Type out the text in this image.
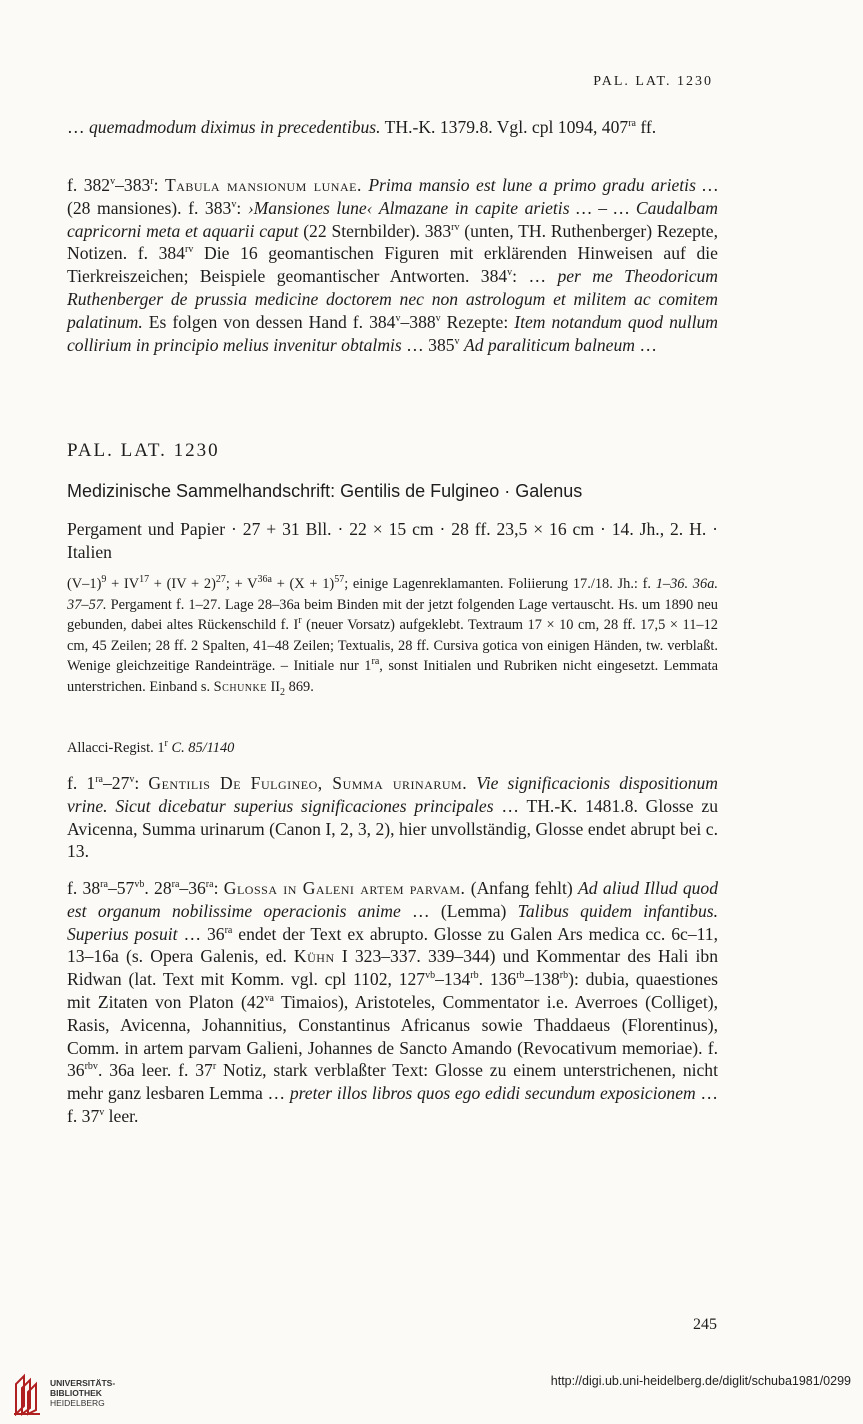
PAL. LAT. 1230
… quemadmodum diximus in precedentibus. TH.-K. 1379.8. Vgl. cpl 1094, $407^{ra}$ ff.
f. 382$^v$–383$^r$: Tabula mansionum lunae. Prima mansio est lune a primo gradu arietis … (28 mansiones). f. 383$^v$: ›Mansiones lune‹ Almazane in capite arietis … – … Caudalbam capricorni meta et aquarii caput (22 Sternbilder). $383^{rv}$ (unten, TH. Ruthenberger) Rezepte, Notizen. f. $384^{rv}$ Die 16 geomantischen Figuren mit erklärenden Hinweisen auf die Tierkreiszeichen; Beispiele geomantischer Antworten. 384$^v$: … per me Theodoricum Ruthenberger de prussia medicine doctorem nec non astrologum et militem ac comitem palatinum. Es folgen von dessen Hand f. 384$^v$–388$^v$ Rezepte: Item notandum quod nullum collirium in principio melius invenitur obtalmis … 385$^v$ Ad paraliticum balneum …
PAL. LAT. 1230
Medizinische Sammelhandschrift: Gentilis de Fulgineo · Galenus
Pergament und Papier · 27 + 31 Bll. · 22 × 15 cm · 28 ff. 23,5 × 16 cm · 14. Jh., 2. H. · Italien
$(V-1)^9 + IV^{17} + (IV + 2)^{27}$; + $V^{36a} + (X + 1)^{57}$; einige Lagenreklamanten. Foliierung 17./18. Jh.: f. 1–36. 36a. 37–57. Pergament f. 1–27. Lage 28–36a beim Binden mit der jetzt folgenden Lage vertauscht. Hs. um 1890 neu gebunden, dabei altes Rückenschild f. $I^r$ (neuer Vorsatz) aufgeklebt. Textraum 17 × 10 cm, 28 ff. 17,5 × 11–12 cm, 45 Zeilen; 28 ff. 2 Spalten, 41–48 Zeilen; Textualis, 28 ff. Cursiva gotica von einigen Händen, tw. verblaßt. Wenige gleichzeitige Randeinträge. – Initiale nur $1^{ra}$, sonst Initialen und Rubriken nicht eingesetzt. Lemmata unterstrichen. Einband s. Schunke $II_2$ 869.
Allacci-Regist. 1$^r$ C. 85/1140
f. $1^{ra}-27^v$: Gentilis De Fulgineo, Summa urinarum. Vie significacionis dispositionum vrine. Sicut dicebatur superius significaciones principales … TH.-K. 1481.8. Glosse zu Avicenna, Summa urinarum (Canon I, 2, 3, 2), hier unvollständig, Glosse endet abrupt bei c. 13.
f. $38^{ra}-57^{vb}$. $28^{ra}-36^{ra}$: Glossa in Galeni artem parvam. (Anfang fehlt) Ad aliud Illud quod est organum nobilissime operacionis anime … (Lemma) Talibus quidem infantibus. Superius posuit … $36^{ra}$ endet der Text ex abrupto. Glosse zu Galen Ars medica cc. 6c–11, 13–16a (s. Opera Galenis, ed. Kühn I 323–337. 339–344) und Kommentar des Hali ibn Ridwan (lat. Text mit Komm. vgl. cpl 1102, $127^{vb}-134^{rb}$. $136^{rb}-138^{rb}$): dubia, quaestiones mit Zitaten von Platon ($42^{va}$ Timaios), Aristoteles, Commentator i.e. Averroes (Colliget), Rasis, Avicenna, Johannitius, Constantinus Africanus sowie Thaddaeus (Florentinus), Comm. in artem parvam Galieni, Johannes de Sancto Amando (Revocativum memoriae). f. $36^{rbv}$. 36a leer. f. 37$^r$ Notiz, stark verblaßter Text: Glosse zu einem unterstrichenen, nicht mehr ganz lesbaren Lemma … preter illos libros quos ego edidi secundum exposicionem … f. 37$^v$ leer.
245
UNIVERSITÄTS-
BIBLIOTHEK
HEIDELBERG
http://digi.ub.uni-heidelberg.de/diglit/schuba1981/0299
